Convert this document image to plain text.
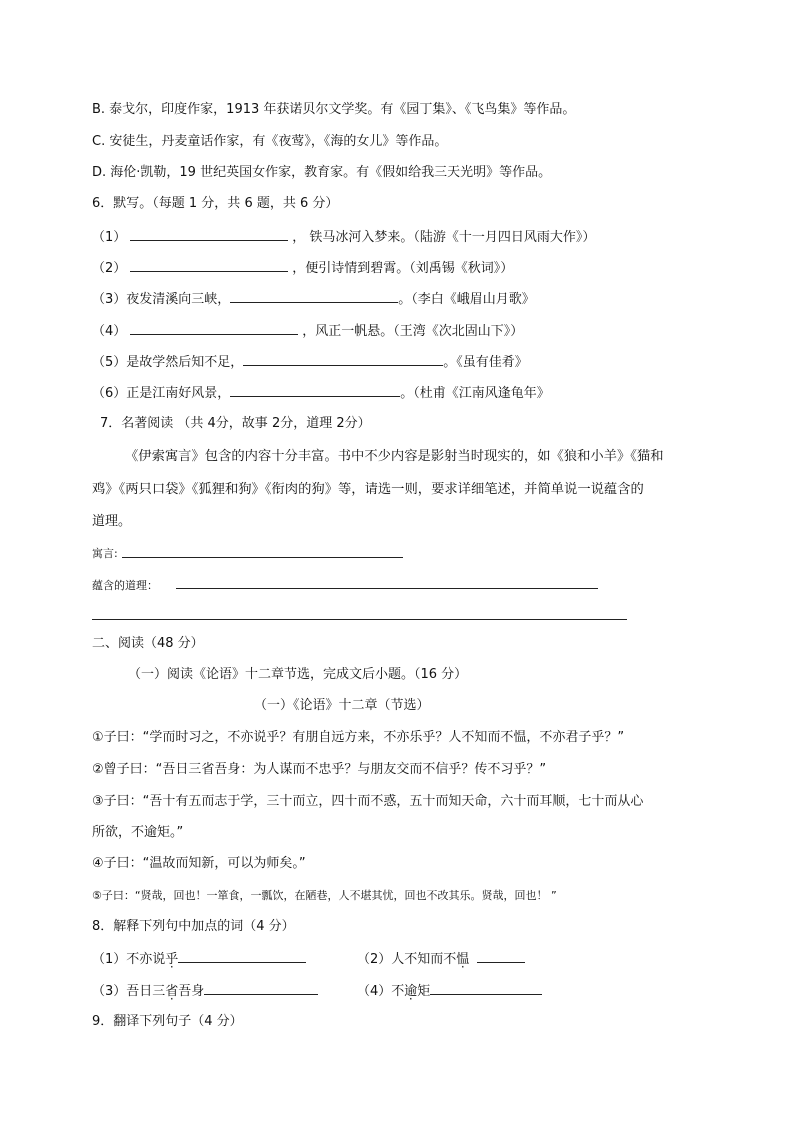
B. 泰戈尔，印度作家，1913 年获诺贝尔文学奖。有《园丁集》、《飞鸟集》等作品。
C. 安徒生，丹麦童话作家，有《夜莺》，《海的女儿》等作品。
D. 海伦·凯勒，19 世纪英国女作家，教育家。有《假如给我三天光明》等作品。
6．默写。（每题 1 分，共 6 题，共 6 分）
（1）	， 铁马冰河入梦来。（陆游《十一月四日风雨大作》）
（2）	，便引诗情到碧霄。（刘禹锡《秋词》）
（3）夜发清溪向三峡，	。（李白《峨眉山月歌》
（4）	，风正一帆悬。（王湾《次北固山下》）
（5）是故学然后知不足，	。《虽有佳肴》
（6）正是江南好风景，	。（杜甫《江南风逢龟年》
7．名著阅读 （共 4分，故事 2分，道理 2分）
《伊索寓言》包含的内容十分丰富。书中不少内容是影射当时现实的，如《狼和小羊》《猫和
鸡》《两只口袋》《狐狸和狗》《衔肉的狗》等，请选一则，要求详细笔述，并简单说一说蕴含的
道理。
寓言:
蕴含的道理：
二、阅读（48 分）
（一）阅读《论语》十二章节选，完成文后小题。（16 分）
（一）《论语》十二章（节选）
①子曰：“学而时习之，不亦说乎？有朋自远方来，不亦乐乎？人不知而不愠，不亦君子乎？”
②曾子曰：“吾日三省吾身：为人谋而不忠乎？与朋友交而不信乎？传不习乎？”
③子曰：“吾十有五而志于学，三十而立，四十而不惑，五十而知天命，六十而耳顺，七十而从心
所欲，不逾矩。”
④子曰：“温故而知新，可以为师矣。”
⑤子曰：“贤哉，回也！一箪食，一瓢饮，在陋巷，人不堪其忧，回也不改其乐。贤哉，回也！ ”
8．解释下列句中加点的词（4 分）
（1）不亦说乎	（2）人不知而不愠
（3）吾日三省吾身	（4）不逾矩
9．翻译下列句子（4 分）
